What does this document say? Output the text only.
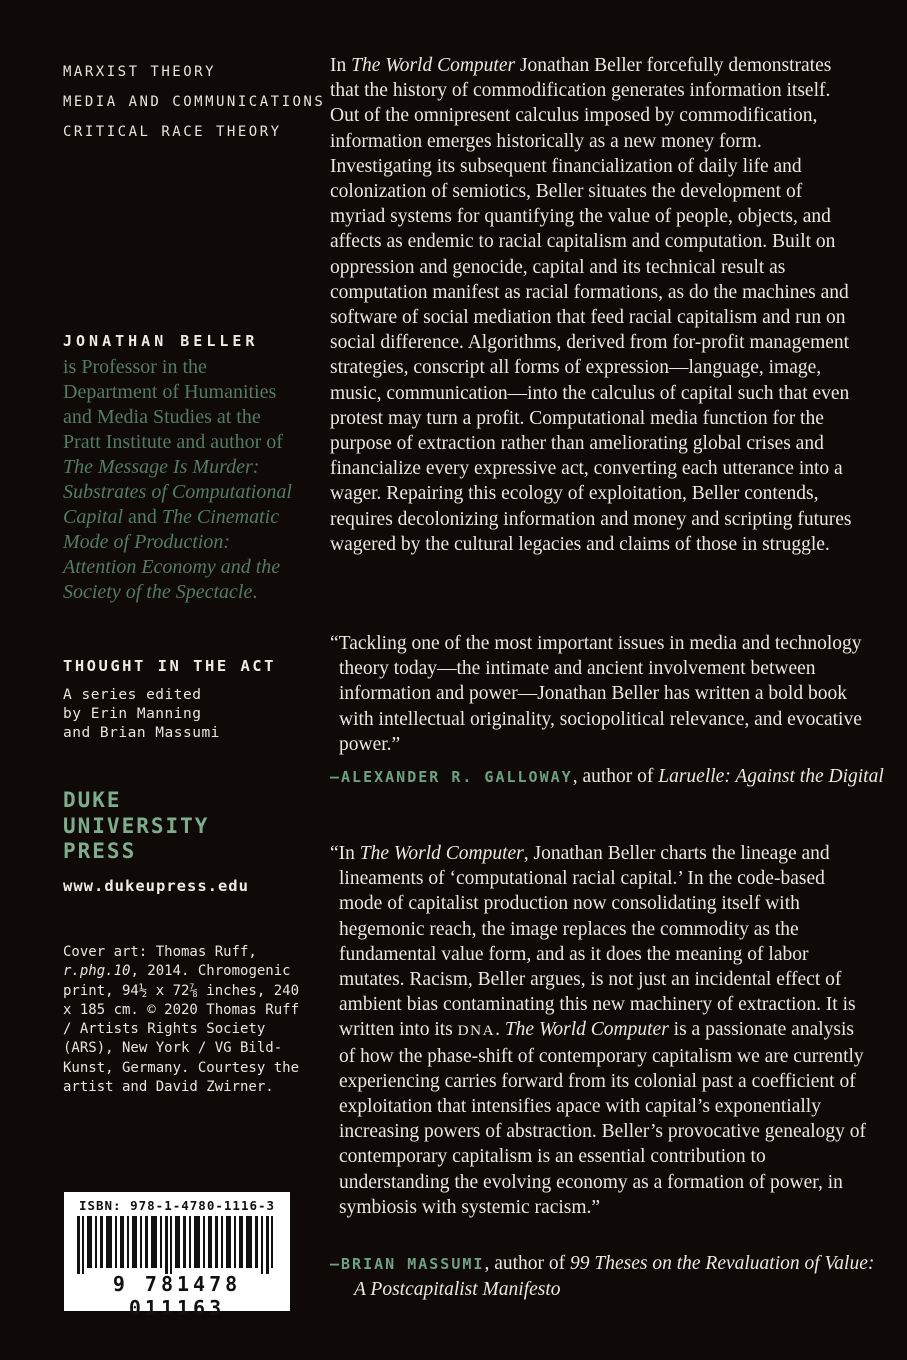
MARXIST THEORY
MEDIA AND COMMUNICATIONS
CRITICAL RACE THEORY
JONATHAN BELLER
is Professor in the Department of Humanities and Media Studies at the Pratt Institute and author of The Message Is Murder: Substrates of Computational Capital and The Cinematic Mode of Production: Attention Economy and the Society of the Spectacle.
THOUGHT IN THE ACT
A series edited
by Erin Manning
and Brian Massumi
DUKE
UNIVERSITY
PRESS
www.dukeupress.edu
Cover art: Thomas Ruff, r.phg.10, 2014. Chromogenic print, 94½ x 72⅞ inches, 240 x 185 cm. © 2020 Thomas Ruff / Artists Rights Society (ARS), New York / VG Bild-Kunst, Germany. Courtesy the artist and David Zwirner.
ISBN: 978-1-4780-1116-3
9 781478 011163
In The World Computer Jonathan Beller forcefully demonstrates that the history of commodification generates information itself. Out of the omnipresent calculus imposed by commodification, information emerges historically as a new money form. Investigating its subsequent financialization of daily life and colonization of semiotics, Beller situates the development of myriad systems for quantifying the value of people, objects, and affects as endemic to racial capitalism and computation. Built on oppression and genocide, capital and its technical result as computation manifest as racial formations, as do the machines and software of social mediation that feed racial capitalism and run on social difference. Algorithms, derived from for-profit management strategies, conscript all forms of expression—language, image, music, communication—into the calculus of capital such that even protest may turn a profit. Computational media function for the purpose of extraction rather than ameliorating global crises and financialize every expressive act, converting each utterance into a wager. Repairing this ecology of exploitation, Beller contends, requires decolonizing information and money and scripting futures wagered by the cultural legacies and claims of those in struggle.
“Tackling one of the most important issues in media and technology theory today—the intimate and ancient involvement between information and power—Jonathan Beller has written a bold book with intellectual originality, sociopolitical relevance, and evocative power.”
—ALEXANDER R. GALLOWAY, author of Laruelle: Against the Digital
“In The World Computer, Jonathan Beller charts the lineage and lineaments of ‘computational racial capital.’ In the code-based mode of capitalist production now consolidating itself with hegemonic reach, the image replaces the commodity as the fundamental value form, and as it does the meaning of labor mutates. Racism, Beller argues, is not just an incidental effect of ambient bias contaminating this new machinery of extraction. It is written into its DNA. The World Computer is a passionate analysis of how the phase-shift of contemporary capitalism we are currently experiencing carries forward from its colonial past a coefficient of exploitation that intensifies apace with capital’s exponentially increasing powers of abstraction. Beller’s provocative genealogy of contemporary capitalism is an essential contribution to understanding the evolving economy as a formation of power, in symbiosis with systemic racism.”
—BRIAN MASSUMI, author of 99 Theses on the Revaluation of Value: A Postcapitalist Manifesto
